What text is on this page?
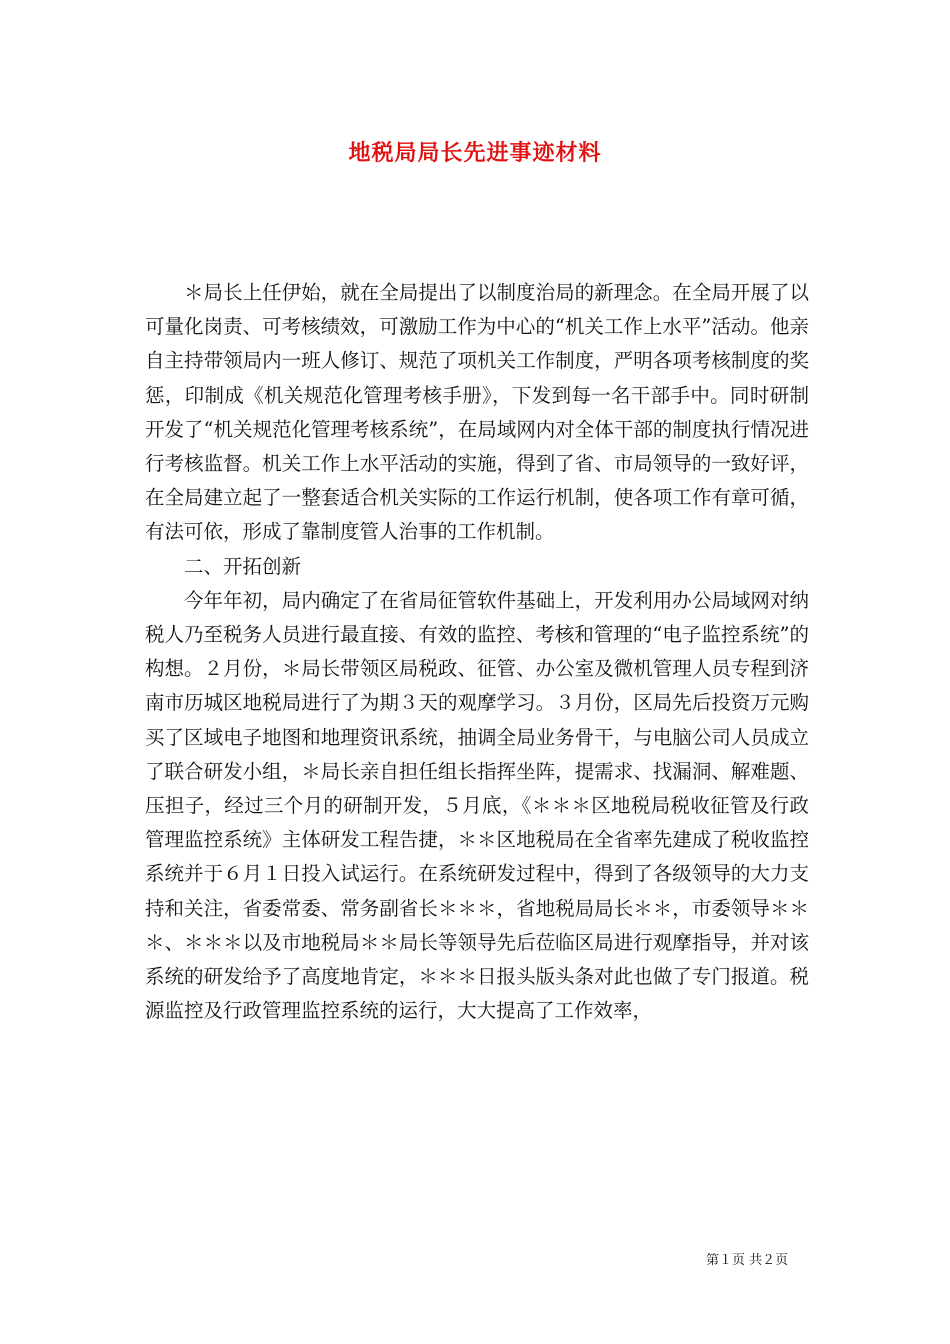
地税局局长先进事迹材料

＊局长上任伊始，就在全局提出了以制度治局的新理念。在全局开展了以可量化岗责、可考核绩效，可激励工作为中心的“机关工作上水平”活动。他亲自主持带领局内一班人修订、规范了项机关工作制度，严明各项考核制度的奖惩，印制成《机关规范化管理考核手册》，下发到每一名干部手中。同时研制开发了“机关规范化管理考核系统”，在局域网内对全体干部的制度执行情况进行考核监督。机关工作上水平活动的实施，得到了省、市局领导的一致好评，在全局建立起了一整套适合机关实际的工作运行机制，使各项工作有章可循，有法可依，形成了靠制度管人治事的工作机制。

二、开拓创新

今年年初，局内确定了在省局征管软件基础上，开发利用办公局域网对纳税人乃至税务人员进行最直接、有效的监控、考核和管理的“电子监控系统”的构想。２月份，＊局长带领区局税政、征管、办公室及微机管理人员专程到济南市历城区地税局进行了为期３天的观摩学习。３月份，区局先后投资万元购买了区域电子地图和地理资讯系统，抽调全局业务骨干，与电脑公司人员成立了联合研发小组，＊局长亲自担任组长指挥坐阵，提需求、找漏洞、解难题、压担子，经过三个月的研制开发，５月底，《＊＊＊区地税局税收征管及行政管理监控系统》主体研发工程告捷，＊＊区地税局在全省率先建成了税收监控系统并于６月１日投入试运行。在系统研发过程中，得到了各级领导的大力支持和关注，省委常委、常务副省长＊＊＊，省地税局局长＊＊，市委领导＊＊＊、＊＊＊以及市地税局＊＊局长等领导先后莅临区局进行观摩指导，并对该系统的研发给予了高度地肯定，＊＊＊日报头版头条对此也做了专门报道。税源监控及行政管理监控系统的运行，大大提高了工作效率，

第１页 共２页
